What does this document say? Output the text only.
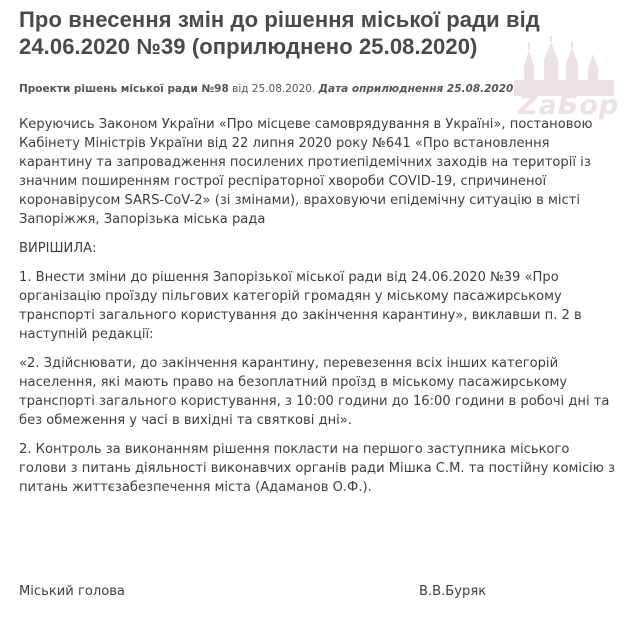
ZaБор
Про внесення змін до рішення міської ради від 24.06.2020 №39 (оприлюднено 25.08.2020)
Проекти рішень міської ради №98 від 25.08.2020. Дата оприлюднення 25.08.2020

Керуючись Законом України «Про місцеве самоврядування в Україні», постановою Кабінету Міністрів України від 22 липня 2020 року №641 «Про встановлення карантину та запровадження посилених протиепідемічних заходів на території із значним поширенням гострої респіраторної хвороби COVID-19, спричиненої коронавірусом SARS-CoV-2» (зі змінами), враховуючи епідемічну ситуацію в місті Запоріжжя, Запорізька міська рада

ВИРІШИЛА:

1. Внести зміни до рішення Запорізької міської ради від 24.06.2020 №39 «Про організацію проїзду пільгових категорій громадян у міському пасажирському транспорті загального користування до закінчення карантину», виклавши п. 2 в наступній редакції:

«2. Здійснювати, до закінчення карантину, перевезення всіх інших категорій населення, які мають право на безоплатний проїзд в міському пасажирському транспорті загального користування, з 10:00 години до 16:00 години в робочі дні та без обмеження у часі в вихідні та святкові дні».

2. Контроль за виконанням рішення покласти на першого заступника міського голови з питань діяльності виконавчих органів ради Мішка С.М. та постійну комісію з питань життєзабезпечення міста (Адаманов О.Ф.).

Міський голова	В.В.Буряк
